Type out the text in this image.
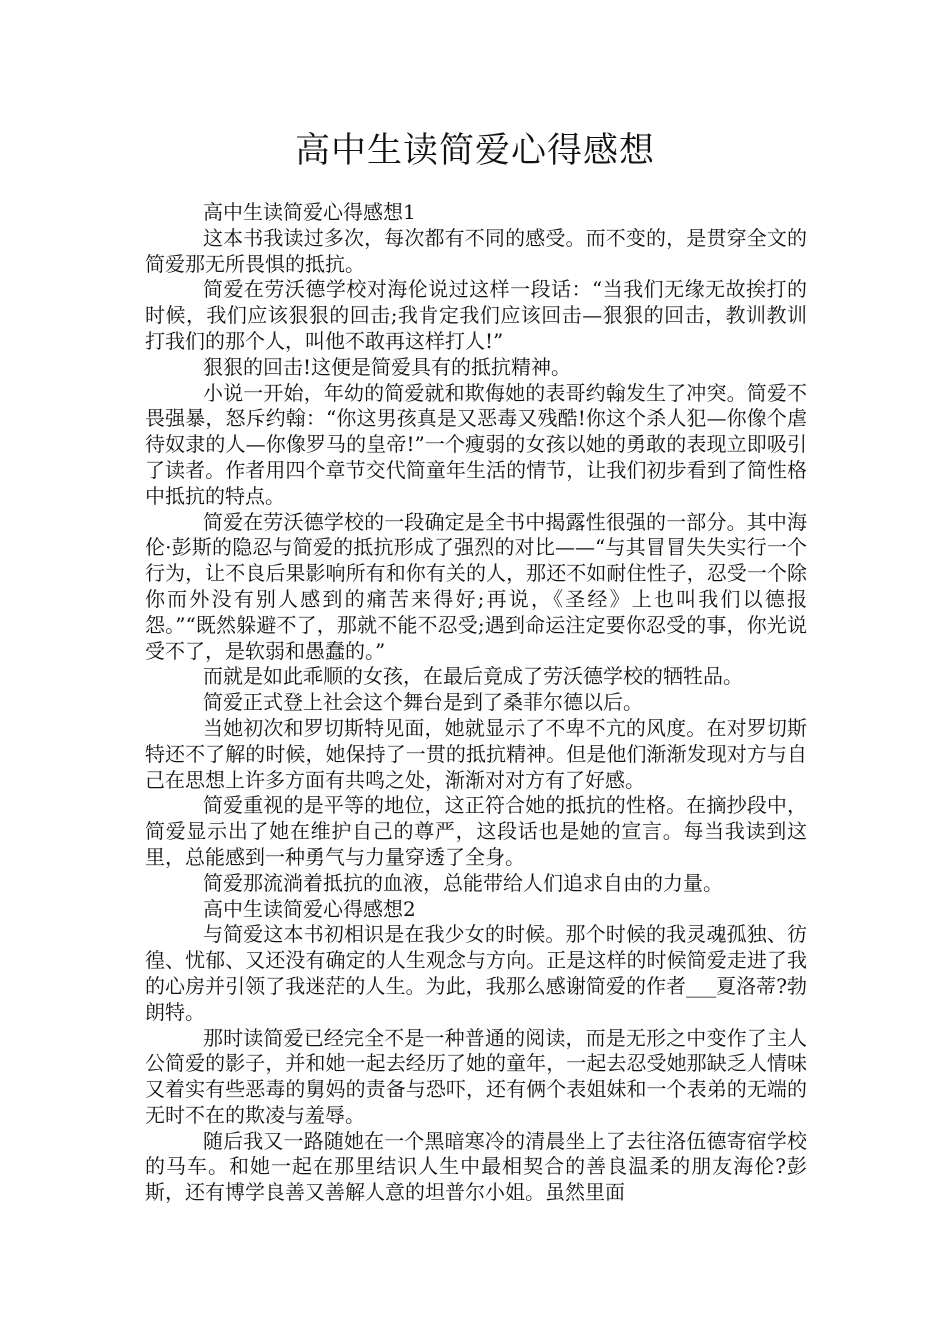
高中生读简爱心得感想

高中生读简爱心得感想1

这本书我读过多次，每次都有不同的感受。而不变的，是贯穿全文的简爱那无所畏惧的抵抗。

简爱在劳沃德学校对海伦说过这样一段话：“当我们无缘无故挨打的时候，我们应该狠狠的回击;我肯定我们应该回击—狠狠的回击，教训教训打我们的那个人，叫他不敢再这样打人!”

狠狠的回击!这便是简爱具有的抵抗精神。

小说一开始，年幼的简爱就和欺侮她的表哥约翰发生了冲突。简爱不畏强暴，怒斥约翰：“你这男孩真是又恶毒又残酷!你这个杀人犯—你像个虐待奴隶的人—你像罗马的皇帝!”一个瘦弱的女孩以她的勇敢的表现立即吸引了读者。作者用四个章节交代简童年生活的情节，让我们初步看到了简性格中抵抗的特点。

简爱在劳沃德学校的一段确定是全书中揭露性很强的一部分。其中海伦·彭斯的隐忍与简爱的抵抗形成了强烈的对比——“与其冒冒失失实行一个行为，让不良后果影响所有和你有关的人，那还不如耐住性子，忍受一个除你而外没有别人感到的痛苦来得好;再说，《圣经》上也叫我们以德报怨。”“既然躲避不了，那就不能不忍受;遇到命运注定要你忍受的事，你光说受不了，是软弱和愚蠢的。”

而就是如此乖顺的女孩，在最后竟成了劳沃德学校的牺牲品。

简爱正式登上社会这个舞台是到了桑菲尔德以后。

当她初次和罗切斯特见面，她就显示了不卑不亢的风度。在对罗切斯特还不了解的时候，她保持了一贯的抵抗精神。但是他们渐渐发现对方与自己在思想上许多方面有共鸣之处，渐渐对对方有了好感。

简爱重视的是平等的地位，这正符合她的抵抗的性格。在摘抄段中，简爱显示出了她在维护自己的尊严，这段话也是她的宣言。每当我读到这里，总能感到一种勇气与力量穿透了全身。

简爱那流淌着抵抗的血液，总能带给人们追求自由的力量。

高中生读简爱心得感想2

与简爱这本书初相识是在我少女的时候。那个时候的我灵魂孤独、彷徨、忧郁、又还没有确定的人生观念与方向。正是这样的时候简爱走进了我的心房并引领了我迷茫的人生。为此，我那么感谢简爱的作者___夏洛蒂?勃朗特。

那时读简爱已经完全不是一种普通的阅读，而是无形之中变作了主人公简爱的影子，并和她一起去经历了她的童年，一起去忍受她那缺乏人情味又着实有些恶毒的舅妈的责备与恐吓，还有俩个表姐妹和一个表弟的无端的无时不在的欺凌与羞辱。

随后我又一路随她在一个黑暗寒冷的清晨坐上了去往洛伍德寄宿学校的马车。和她一起在那里结识人生中最相契合的善良温柔的朋友海伦?彭斯，还有博学良善又善解人意的坦普尔小姐。虽然里面
